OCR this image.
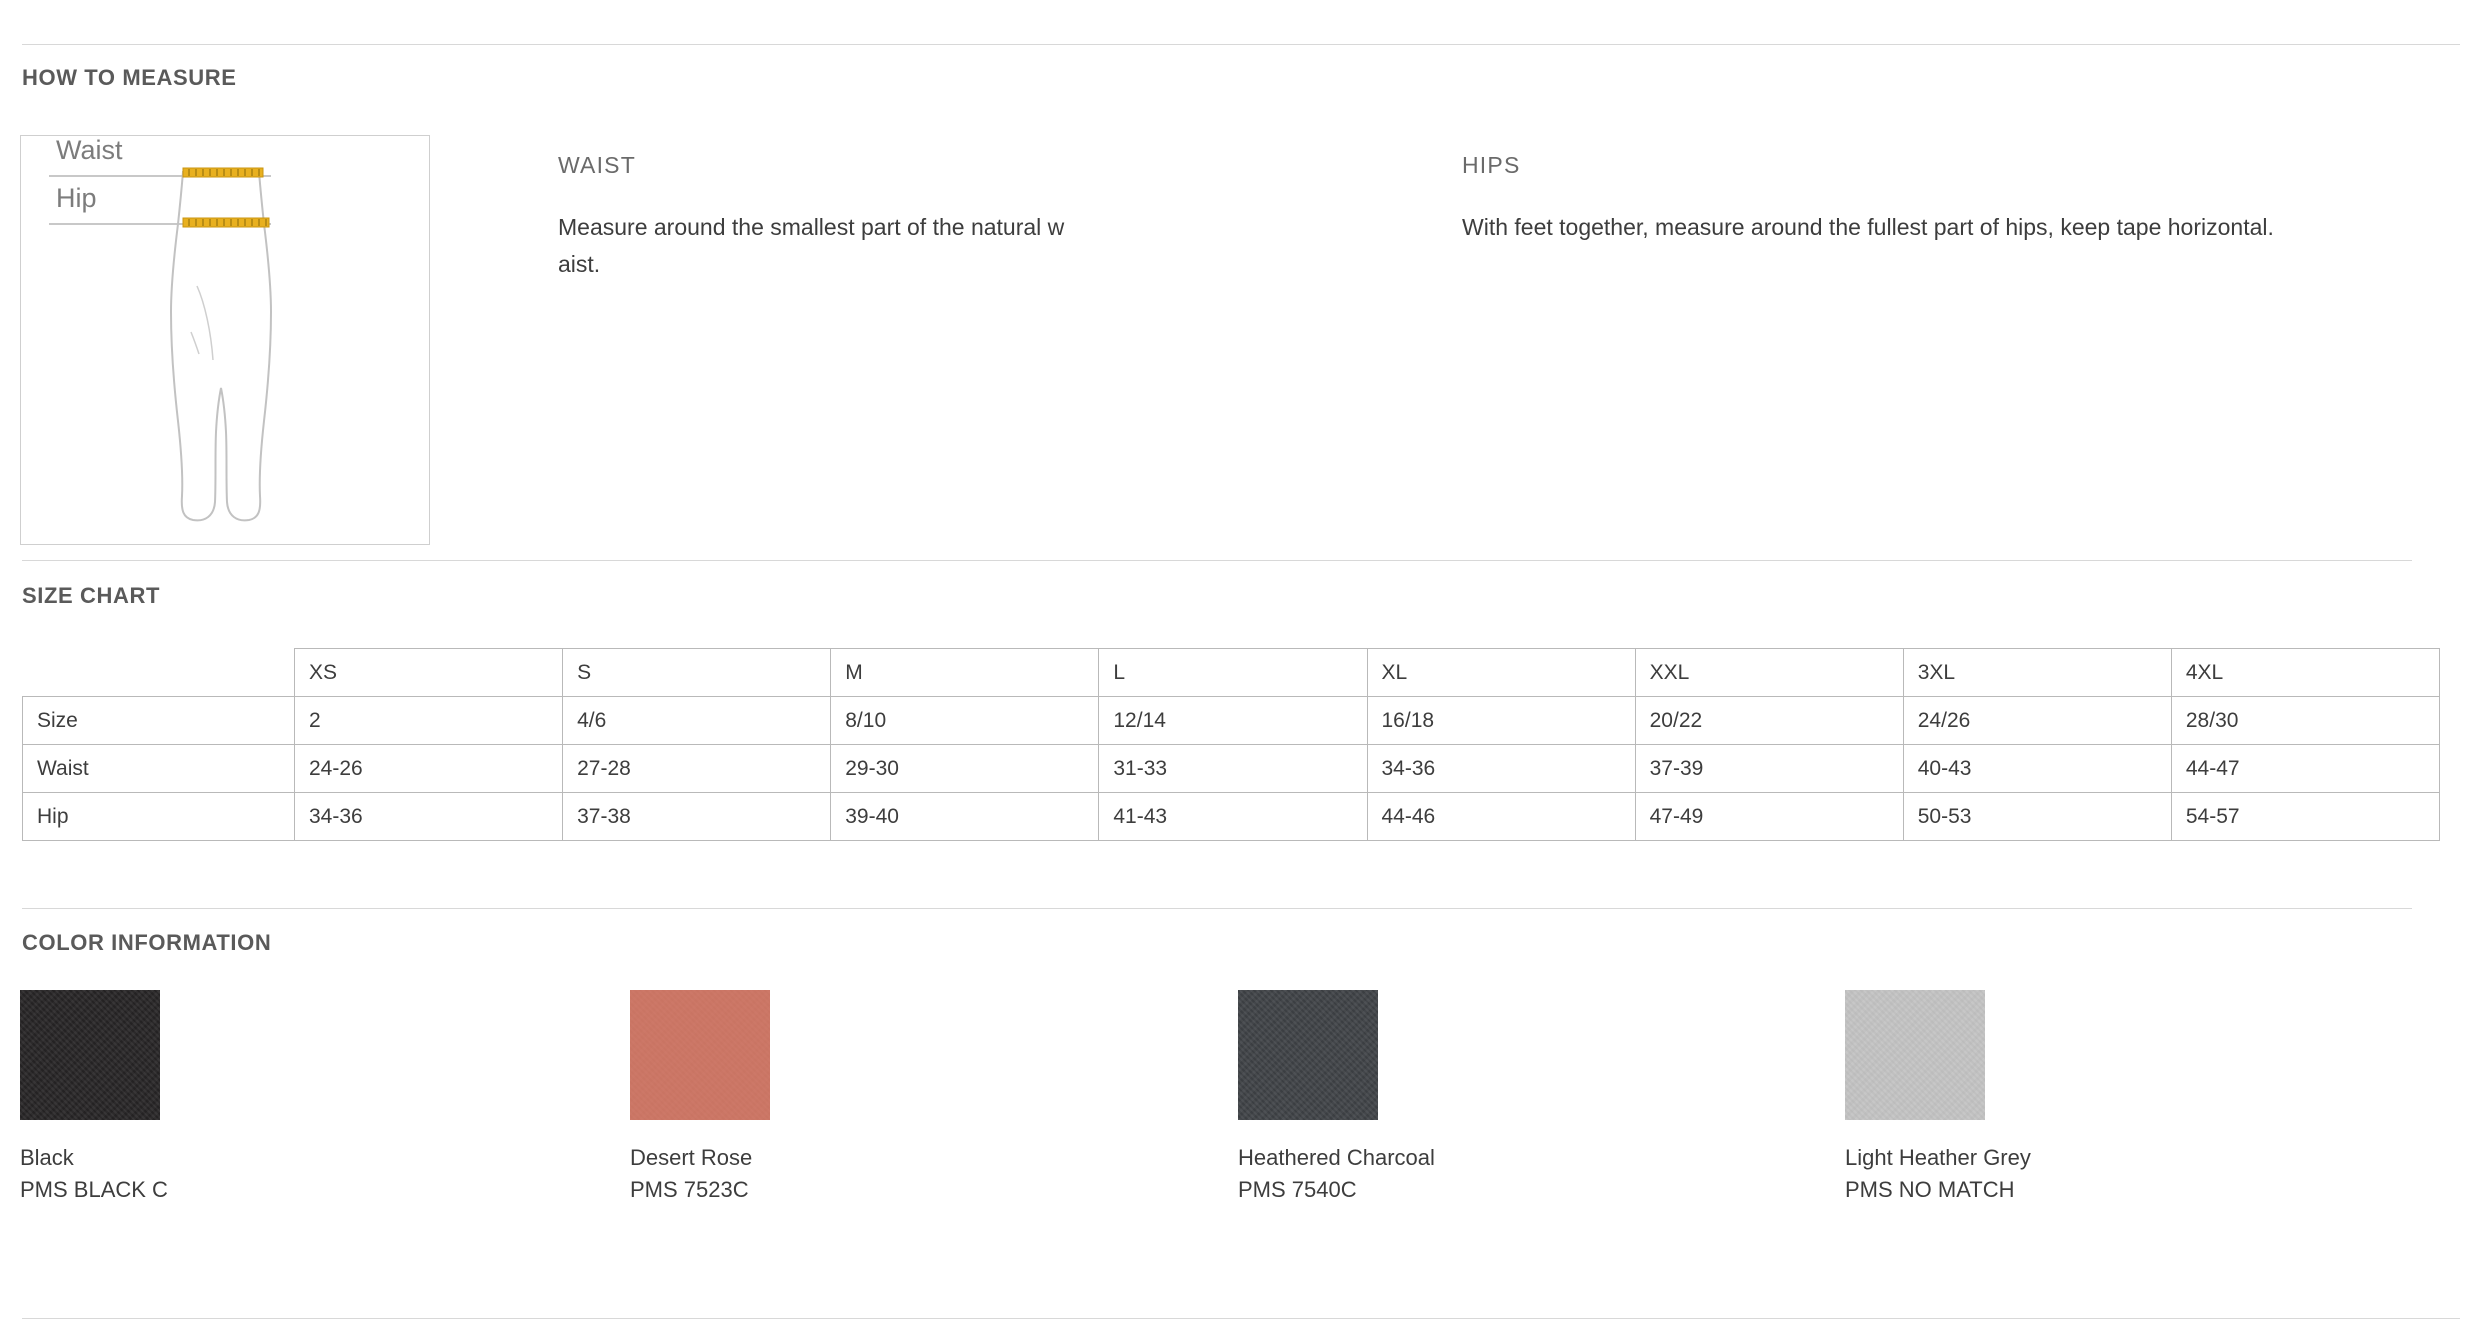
HOW TO MEASURE
Waist
Hip
WAIST
Measure around the smallest part of the natural w aist.
HIPS
With feet together, measure around the fullest part of hips, keep tape horizontal.
SIZE CHART
	XS	S	M	L	XL	XXL	3XL	4XL
Size	2	4/6	8/10	12/14	16/18	20/22	24/26	28/30
Waist	24-26	27-28	29-30	31-33	34-36	37-39	40-43	44-47
Hip	34-36	37-38	39-40	41-43	44-46	47-49	50-53	54-57
COLOR INFORMATION
Black
PMS BLACK C
Desert Rose
PMS 7523C
Heathered Charcoal
PMS 7540C
Light Heather Grey
PMS NO MATCH
